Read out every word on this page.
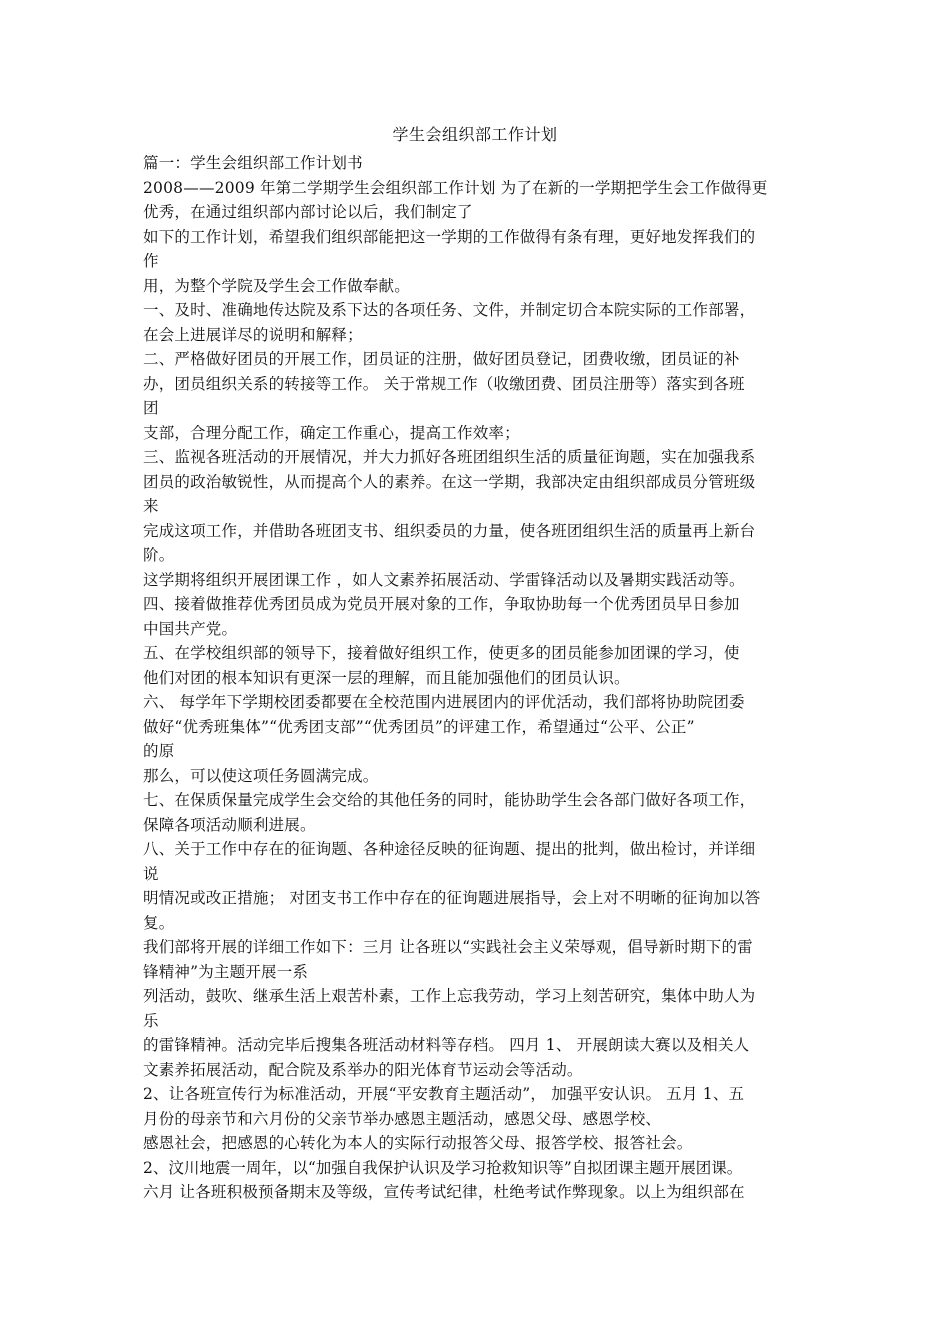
学生会组织部工作计划
篇一：学生会组织部工作计划书
2008——2009 年第二学期学生会组织部工作计划 为了在新的一学期把学生会工作做得更
优秀，在通过组织部内部讨论以后，我们制定了
如下的工作计划，希望我们组织部能把这一学期的工作做得有条有理，更好地发挥我们的
作
用，为整个学院及学生会工作做奉献。
一、及时、准确地传达院及系下达的各项任务、文件，并制定切合本院实际的工作部署，
在会上进展详尽的说明和解释；
二、严格做好团员的开展工作，团员证的注册，做好团员登记，团费收缴，团员证的补
办，团员组织关系的转接等工作。 关于常规工作（收缴团费、团员注册等）落实到各班
团
支部，合理分配工作，确定工作重心，提高工作效率；
三、监视各班活动的开展情况，并大力抓好各班团组织生活的质量征询题，实在加强我系
团员的政治敏锐性，从而提高个人的素养。在这一学期，我部决定由组织部成员分管班级
来
完成这项工作，并借助各班团支书、组织委员的力量，使各班团组织生活的质量再上新台
阶。
这学期将组织开展团课工作 ，如人文素养拓展活动、学雷锋活动以及暑期实践活动等。
四、接着做推荐优秀团员成为党员开展对象的工作，争取协助每一个优秀团员早日参加
中国共产党。
五、在学校组织部的领导下，接着做好组织工作，使更多的团员能参加团课的学习，使
他们对团的根本知识有更深一层的理解，而且能加强他们的团员认识。
六、 每学年下学期校团委都要在全校范围内进展团内的评优活动，我们部将协助院团委
做好“优秀班集体”“优秀团支部”“优秀团员”的评建工作，希望通过“公平、公正”
的原
那么，可以使这项任务圆满完成。
七、在保质保量完成学生会交给的其他任务的同时，能协助学生会各部门做好各项工作，
保障各项活动顺利进展。
八、关于工作中存在的征询题、各种途径反映的征询题、提出的批判，做出检讨，并详细
说
明情况或改正措施； 对团支书工作中存在的征询题进展指导，会上对不明晰的征询加以答
复。
我们部将开展的详细工作如下：三月 让各班以“实践社会主义荣辱观，倡导新时期下的雷
锋精神”为主题开展一系
列活动，鼓吹、继承生活上艰苦朴素，工作上忘我劳动，学习上刻苦研究，集体中助人为
乐
的雷锋精神。活动完毕后搜集各班活动材料等存档。 四月 1、 开展朗读大赛以及相关人
文素养拓展活动，配合院及系举办的阳光体育节运动会等活动。
2、让各班宣传行为标准活动，开展“平安教育主题活动”， 加强平安认识。 五月 1、五
月份的母亲节和六月份的父亲节举办感恩主题活动，感恩父母、感恩学校、
感恩社会，把感恩的心转化为本人的实际行动报答父母、报答学校、报答社会。
2、汶川地震一周年，以“加强自我保护认识及学习抢救知识等”自拟团课主题开展团课。
六月 让各班积极预备期末及等级，宣传考试纪律，杜绝考试作弊现象。以上为组织部在
